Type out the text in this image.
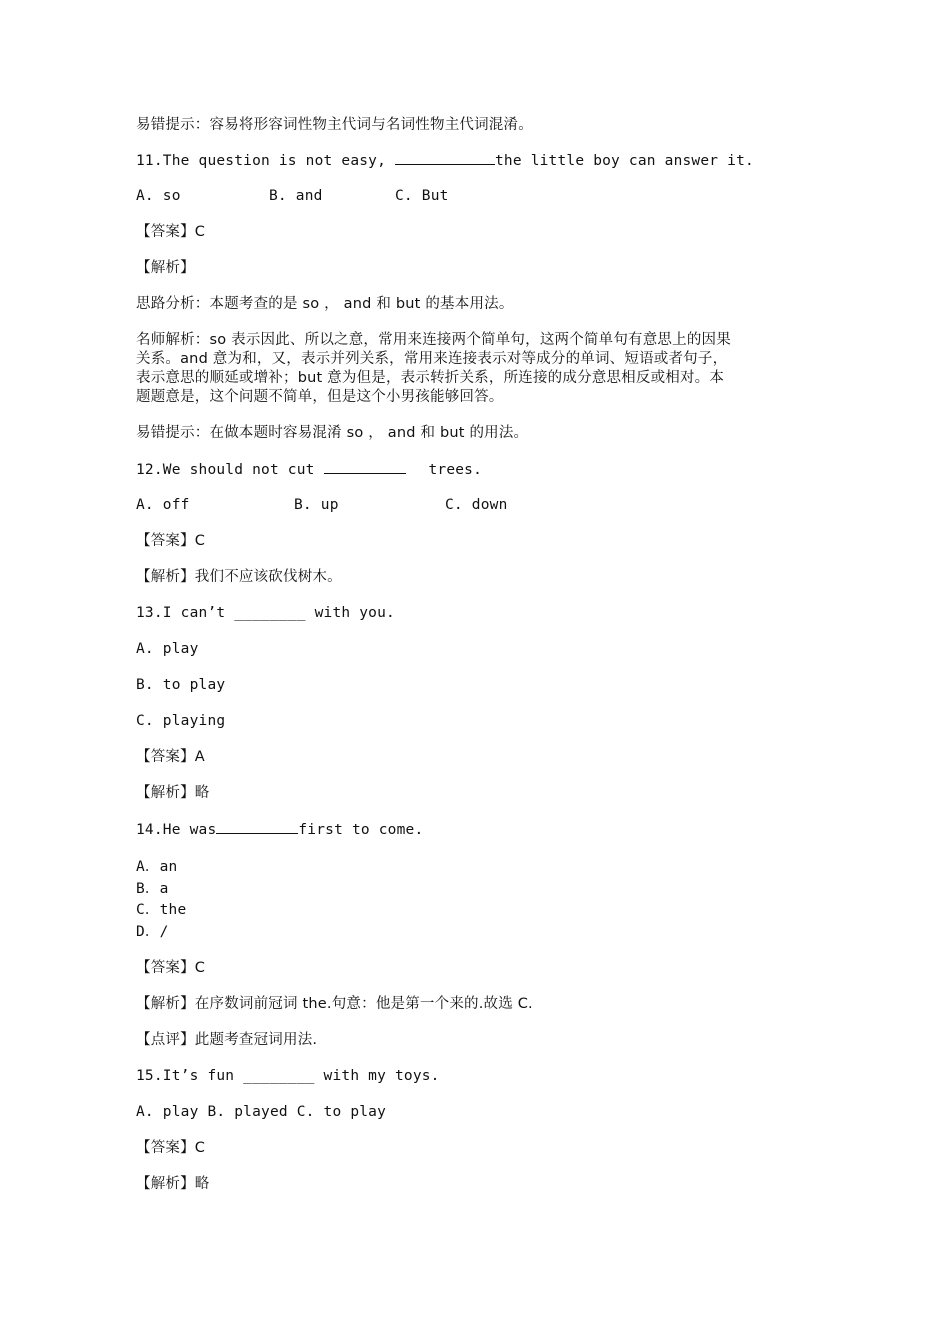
易错提示：容易将形容词性物主代词与名词性物主代词混淆。
11.The question is not easy,	the little boy can answer it.
A. so	B. and	C. But
【答案】C
【解析】
思路分析：本题考查的是 so ， and 和 but 的基本用法。
名师解析：so 表示因此、所以之意，常用来连接两个简单句，这两个简单句有意思上的因果
关系。and 意为和，又，表示并列关系，常用来连接表示对等成分的单词、短语或者句子，
表示意思的顺延或增补；but 意为但是，表示转折关系，所连接的成分意思相反或相对。本
题题意是，这个问题不简单，但是这个小男孩能够回答。
易错提示：在做本题时容易混淆 so ， and 和 but 的用法。
12.We should not cut	trees.
A. off	B. up	C. down
【答案】C
【解析】我们不应该砍伐树木。
13.I can’t ________ with you.
A. play
B. to play
C. playing
【答案】A
【解析】略
14.He was	first to come.
A．an
B．a
C．the
D．/
【答案】C
【解析】在序数词前冠词 the.句意：他是第一个来的.故选 C.
【点评】此题考查冠词用法.
15.It’s fun ________ with my toys.
A. play B. played C. to play
【答案】C
【解析】略
